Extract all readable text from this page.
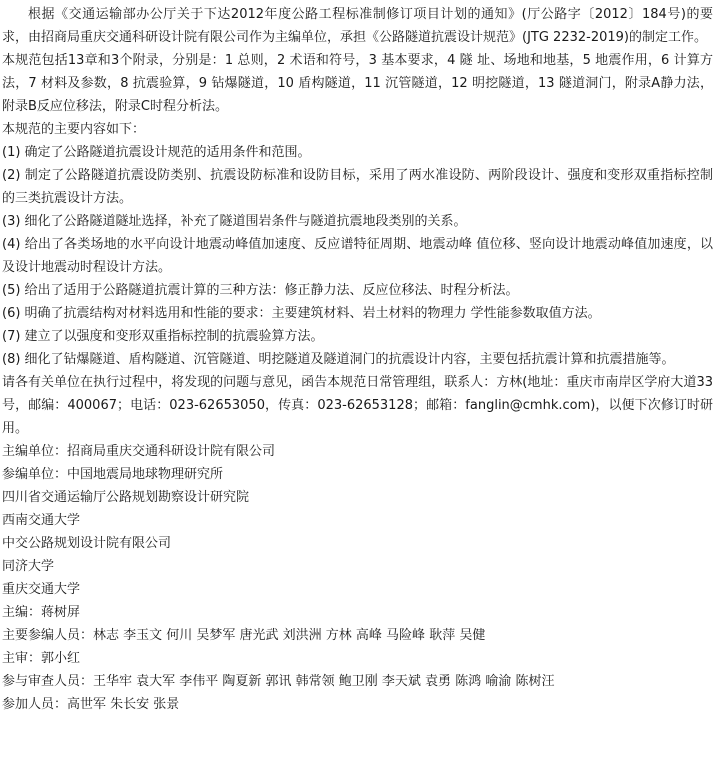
根据《交通运输部办公厅关于下达2012年度公路工程标准制修订项目计划的通知》(厅公路字〔2012〕184号)的要求，由招商局重庆交通科研设计院有限公司作为主编单位，承担《公路隧道抗震设计规范》(JTG 2232-2019)的制定工作。

本规范包括13章和3个附录，分别是：1 总则，2 术语和符号，3 基本要求，4 隧 址、场地和地基，5 地震作用，6 计算方法，7 材料及参数，8 抗震验算，9 钻爆隧道，10 盾构隧道，11 沉管隧道，12 明挖隧道，13 隧道洞门，附录A静力法，附录B反应位移法，附录C时程分析法。

本规范的主要内容如下：

(1) 确定了公路隧道抗震设计规范的适用条件和范围。

(2) 制定了公路隧道抗震设防类别、抗震设防标准和设防目标，采用了两水准设防、两阶段设计、强度和变形双重指标控制的三类抗震设计方法。

(3) 细化了公路隧道隧址选择，补充了隧道围岩条件与隧道抗震地段类别的关系。

(4) 给出了各类场地的水平向设计地震动峰值加速度、反应谱特征周期、地震动峰 值位移、竖向设计地震动峰值加速度，以及设计地震动时程设计方法。

(5) 给出了适用于公路隧道抗震计算的三种方法：修正静力法、反应位移法、时程分析法。

(6) 明确了抗震结构对材料选用和性能的要求：主要建筑材料、岩土材料的物理力 学性能参数取值方法。

(7) 建立了以强度和变形双重指标控制的抗震验算方法。

(8) 细化了钻爆隧道、盾构隧道、沉管隧道、明挖隧道及隧道洞门的抗震设计内容，主要包括抗震计算和抗震措施等。

请各有关单位在执行过程中，将发现的问题与意见，函告本规范日常管理组，联系人：方林(地址：重庆市南岸区学府大道33号，邮编：400067；电话：023-62653050，传真：023-62653128；邮箱：fanglin@cmhk.com)，以便下次修订时研用。

主编单位：招商局重庆交通科研设计院有限公司

参编单位：中国地震局地球物理研究所

四川省交通运输厅公路规划勘察设计研究院

西南交通大学

中交公路规划设计院有限公司

同济大学

重庆交通大学

主编：蒋树屏

主要参编人员：林志 李玉文 何川 吴梦军 唐光武 刘洪洲 方林 高峰 马险峰 耿萍 吴健

主审：郭小红

参与审查人员：王华牢 袁大军 李伟平 陶夏新 郭讯 韩常领 鲍卫刚 李天斌 袁勇 陈鸿 喻渝 陈树汪

参加人员：高世军 朱长安 张景
